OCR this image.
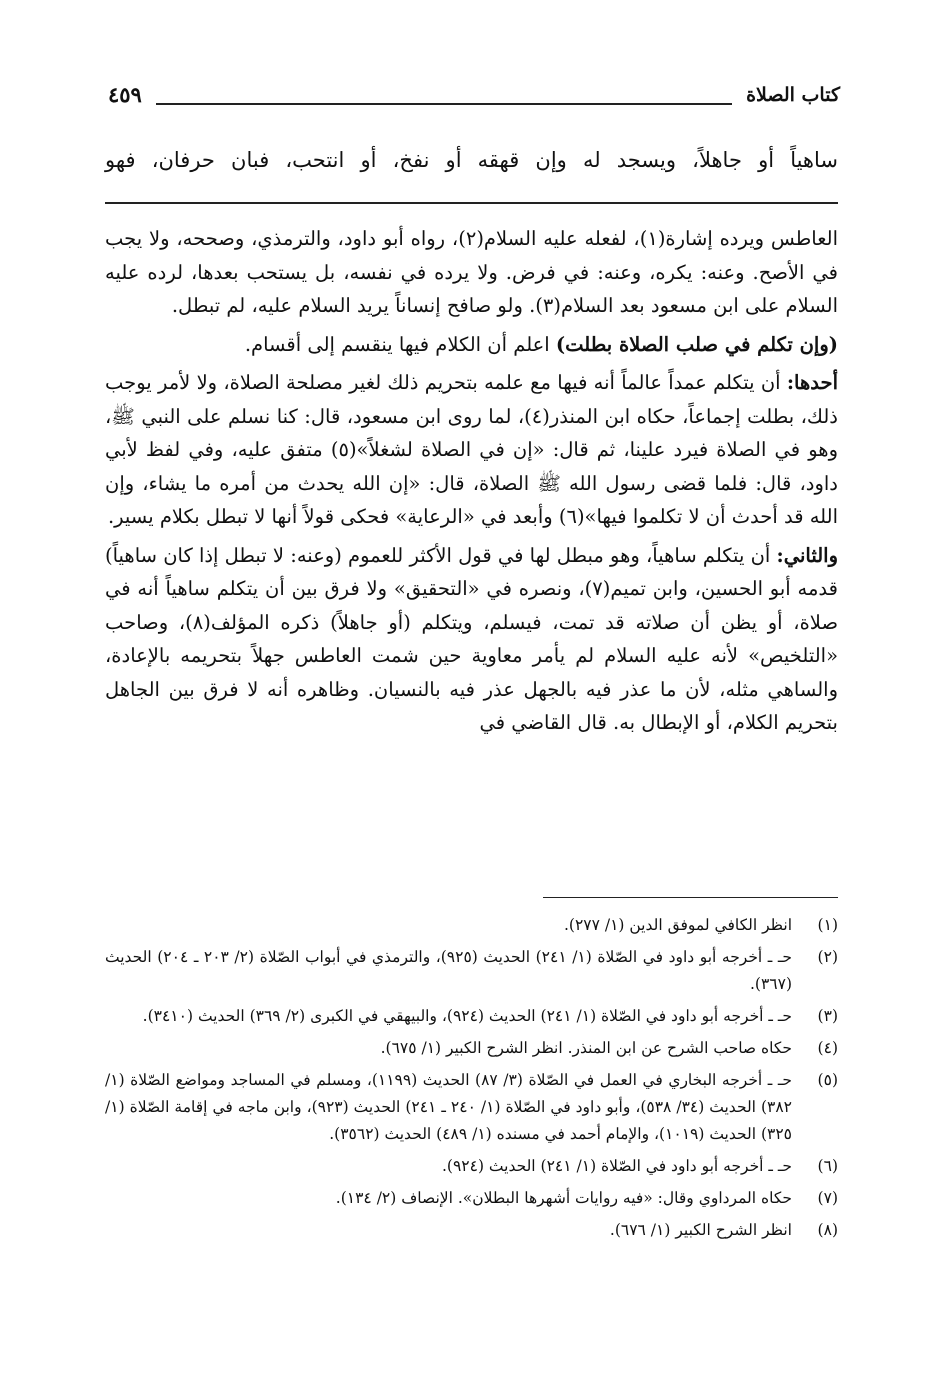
كتاب الصلاة
٤٥٩
ساهياً أو جاهلاً، ويسجد له وإن قهقه أو نفخ، أو انتحب، فبان حرفان، فهو

العاطس ويرده إشارة(١)، لفعله عليه السلام(٢)، رواه أبو داود، والترمذي، وصححه، ولا يجب في الأصح. وعنه: يكره، وعنه: في فرض. ولا يرده في نفسه، بل يستحب بعدها، لرده عليه السلام على ابن مسعود بعد السلام(٣). ولو صافح إنساناً يريد السلام عليه، لم تبطل.

(وإن تكلم في صلب الصلاة بطلت) اعلم أن الكلام فيها ينقسم إلى أقسام.

أحدها: أن يتكلم عمداً عالماً أنه فيها مع علمه بتحريم ذلك لغير مصلحة الصلاة، ولا لأمر يوجب ذلك، بطلت إجماعاً، حكاه ابن المنذر(٤)، لما روى ابن مسعود، قال: كنا نسلم على النبي ﷺ، وهو في الصلاة فيرد علينا، ثم قال: «إن في الصلاة لشغلاً»(٥) متفق عليه، وفي لفظ لأبي داود، قال: فلما قضى رسول الله ﷺ الصلاة، قال: «إن الله يحدث من أمره ما يشاء، وإن الله قد أحدث أن لا تكلموا فيها»(٦) وأبعد في «الرعاية» فحكى قولاً أنها لا تبطل بكلام يسير.

والثاني: أن يتكلم ساهياً، وهو مبطل لها في قول الأكثر للعموم (وعنه: لا تبطل إذا كان ساهياً) قدمه أبو الحسين، وابن تميم(٧)، ونصره في «التحقيق» ولا فرق بين أن يتكلم ساهياً أنه في صلاة، أو يظن أن صلاته قد تمت، فيسلم، ويتكلم (أو جاهلاً) ذكره المؤلف(٨)، وصاحب «التلخيص» لأنه عليه السلام لم يأمر معاوية حين شمت العاطس جهلاً بتحريمه بالإعادة، والساهي مثله، لأن ما عذر فيه بالجهل عذر فيه بالنسيان. وظاهره أنه لا فرق بين الجاهل بتحريم الكلام، أو الإبطال به. قال القاضي في

(١)
انظر الكافي لموفق الدين (١/ ٢٧٧).
(٢)
حـ ـ أخرجه أبو داود في الصّلاة (١/ ٢٤١) الحديث (٩٢٥)، والترمذي في أبواب الصّلاة (٢/ ٢٠٣ ـ ٢٠٤) الحديث (٣٦٧).
(٣)
حـ ـ أخرجه أبو داود في الصّلاة (١/ ٢٤١) الحديث (٩٢٤)، والبيهقي في الكبرى (٢/ ٣٦٩) الحديث (٣٤١٠).
(٤)
حكاه صاحب الشرح عن ابن المنذر. انظر الشرح الكبير (١/ ٦٧٥).
(٥)
حـ ـ أخرجه البخاري في العمل في الصّلاة (٣/ ٨٧) الحديث (١١٩٩)، ومسلم في المساجد ومواضع الصّلاة (١/ ٣٨٢) الحديث (٣٤/ ٥٣٨)، وأبو داود في الصّلاة (١/ ٢٤٠ ـ ٢٤١) الحديث (٩٢٣)، وابن ماجه في إقامة الصّلاة (١/ ٣٢٥) الحديث (١٠١٩)، والإمام أحمد في مسنده (١/ ٤٨٩) الحديث (٣٥٦٢).
(٦)
حـ ـ أخرجه أبو داود في الصّلاة (١/ ٢٤١) الحديث (٩٢٤).
(٧)
حكاه المرداوي وقال: «فيه روايات أشهرها البطلان». الإنصاف (٢/ ١٣٤).
(٨)
انظر الشرح الكبير (١/ ٦٧٦).
